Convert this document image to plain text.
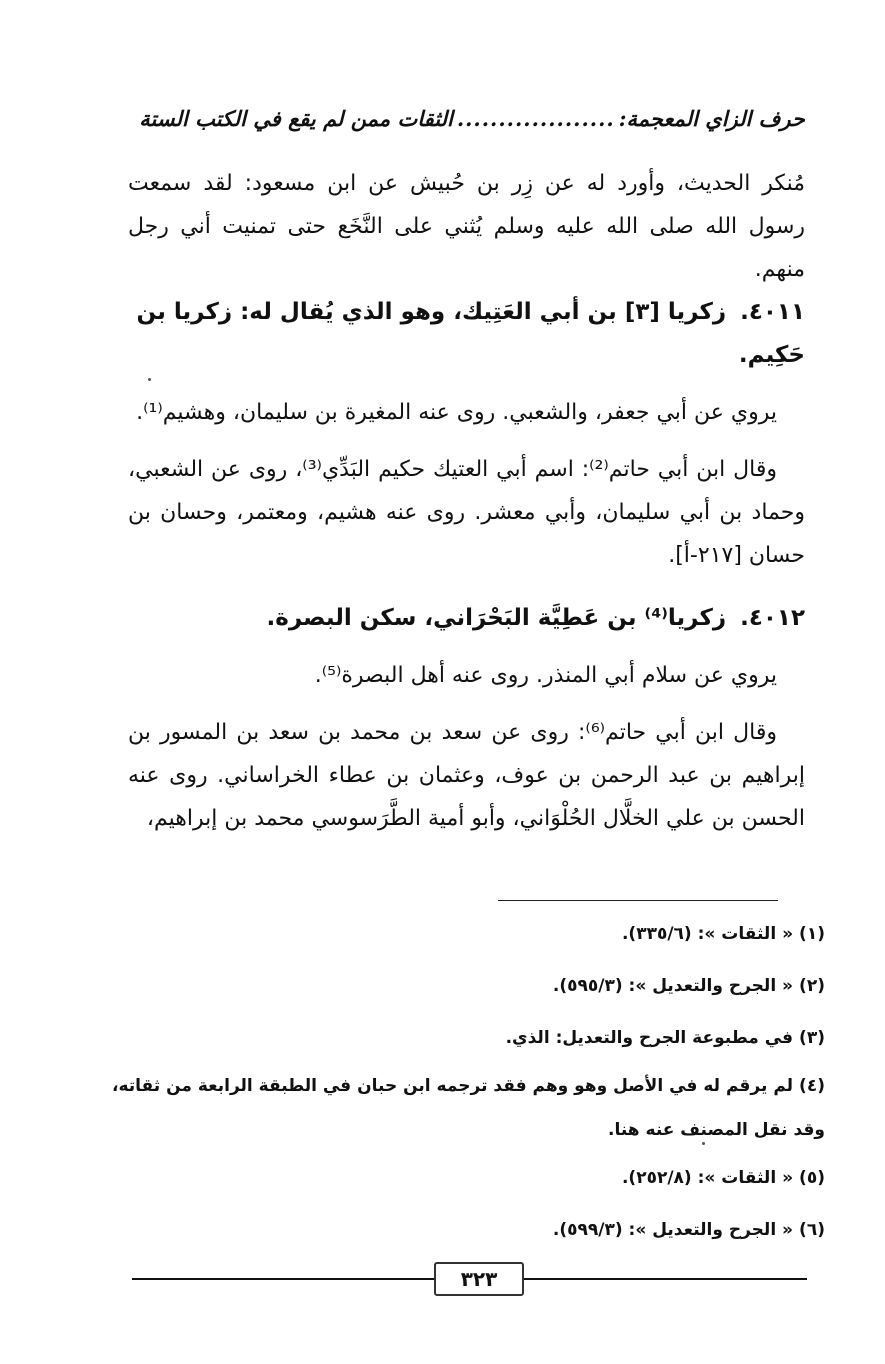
حرف الزاي المعجمة:
...................
الثقات ممن لم يقع في الكتب الستة

مُنكر الحديث، وأورد له عن زِر بن حُبيش عن ابن مسعود: لقد سمعت رسول الله صلى الله عليه وسلم يُثني على النَّخَع حتى تمنيت أني رجل منهم.

٤٠١١.زكريا [٣] بن أبي العَتِيك، وهو الذي يُقال له: زكريا بن حَكِيم.

يروي عن أبي جعفر، والشعبي. روى عنه المغيرة بن سليمان، وهشيم⁽¹⁾.

وقال ابن أبي حاتم⁽²⁾: اسم أبي العتيك حكيم البَدِّي⁽³⁾، روى عن الشعبي، وحماد بن أبي سليمان، وأبي معشر. روى عنه هشيم، ومعتمر، وحسان بن حسان [٢١٧-أ].

٤٠١٢.زكريا⁽⁴⁾ بن عَطِيَّة البَحْرَاني، سكن البصرة.

يروي عن سلام أبي المنذر. روى عنه أهل البصرة⁽⁵⁾.

وقال ابن أبي حاتم⁽⁶⁾: روى عن سعد بن محمد بن سعد بن المسور بن إبراهيم بن عبد الرحمن بن عوف، وعثمان بن عطاء الخراساني. روى عنه الحسن بن علي الخلَّال الحُلْوَاني، وأبو أمية الطَّرَسوسي محمد بن إبراهيم،

(١)« الثقات »: (٣٣٥/٦).

(٢)« الجرح والتعديل »: (٥٩٥/٣).

(٣)في مطبوعة الجرح والتعديل: الذي.

(٤)لم يرقم له في الأصل وهو وهم فقد ترجمه ابن حبان في الطبقة الرابعة من ثقاته، وقد نقل المصنف عنه هنا.

(٥)« الثقات »: (٢٥٢/٨).

(٦)« الجرح والتعديل »: (٥٩٩/٣).

٣٢٣
